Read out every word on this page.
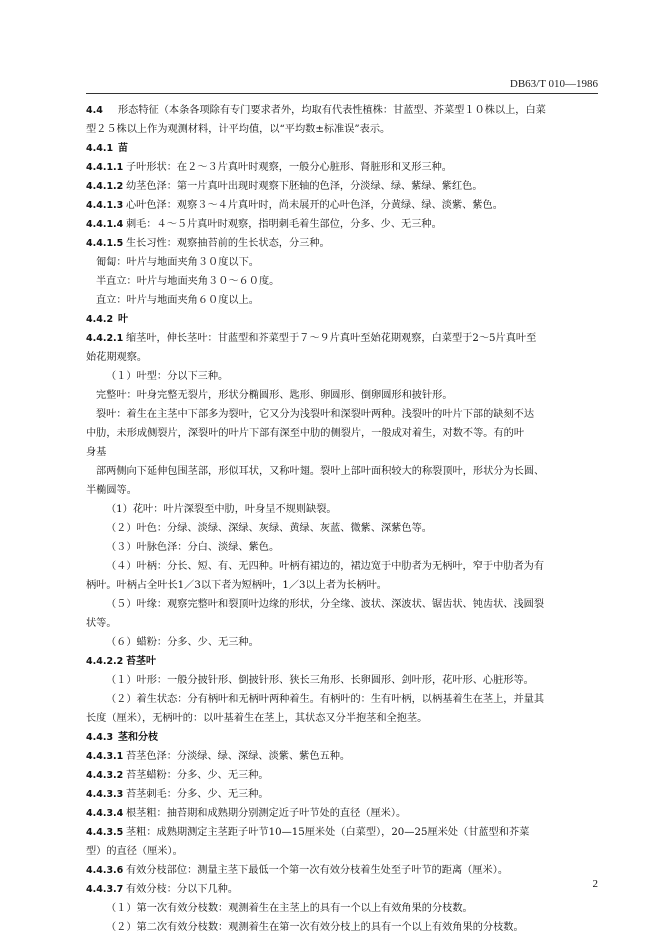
DB63/T 010—1986
4.4 形态特征（本条各项除有专门要求者外，均取有代表性植株：甘蓝型、芥菜型１０株以上，白菜
型２５株以上作为观测材料，计平均值，以“平均数±标准误”表示。
4.4.1 苗
4.4.1.1 子叶形状：在２～３片真叶时观察，一般分心脏形、肾脏形和叉形三种。
4.4.1.2 幼茎色泽：第一片真叶出现时观察下胚轴的色泽，分淡绿、绿、紫绿、紫红色。
4.4.1.3 心叶色泽：观察３～４片真叶时，尚未展开的心叶色泽，分黄绿、绿、淡紫、紫色。
4.4.1.4 刺毛：４～５片真叶时观察，指明刺毛着生部位，分多、少、无三种。
4.4.1.5 生长习性：观察抽苔前的生长状态，分三种。
匍匐：叶片与地面夹角３０度以下。
半直立：叶片与地面夹角３０～６０度。
直立：叶片与地面夹角６０度以上。
4.4.2 叶
4.4.2.1 缩茎叶，伸长茎叶：甘蓝型和芥菜型于７～９片真叶至始花期观察，白菜型于2～5片真叶至
始花期观察。
（１）叶型：分以下三种。
完整叶：叶身完整无裂片，形状分椭圆形、匙形、卵圆形、倒卵圆形和披针形。
裂叶：着生在主茎中下部多为裂叶，它又分为浅裂叶和深裂叶两种。浅裂叶的叶片下部的缺刻不达
中肋，未形成侧裂片，深裂叶的叶片下部有深至中肋的侧裂片，一般成对着生，对数不等。有的叶
身基
部两侧向下延伸包围茎部，形似耳状，又称叶翅。裂叶上部叶面积较大的称裂顶叶，形状分为长圆、
半椭圆等。
（1）花叶：叶片深裂至中肋，叶身呈不规则缺裂。
（２）叶色：分绿、淡绿、深绿、灰绿、黄绿、灰蓝、微紫、深紫色等。
（３）叶脉色泽：分白、淡绿、紫色。
（４）叶柄：分长、短、有、无四种。叶柄有裙边的，裙边宽于中肋者为无柄叶，窄于中肋者为有
柄叶。叶柄占全叶长1／3以下者为短柄叶，1／3以上者为长柄叶。
（５）叶缘：观察完整叶和裂顶叶边缘的形状，分全缘、波状、深波状、锯齿状、钝齿状、浅圆裂
状等。
（６）蜡粉：分多、少、无三种。
4.4.2.2 苔茎叶
（１）叶形：一般分披针形、倒披针形、狭长三角形、长卵圆形、剑叶形，花叶形、心脏形等。
（２）着生状态：分有柄叶和无柄叶两种着生。有柄叶的：生有叶柄，以柄基着生在茎上，并量其
长度（厘米），无柄叶的：以叶基着生在茎上，其状态又分半抱茎和全抱茎。
4.4.3 茎和分枝
4.4.3.1 苔茎色泽：分淡绿、绿、深绿、淡紫、紫色五种。
4.4.3.2 苔茎蜡粉：分多、少、无三种。
4.4.3.3 苔茎刺毛：分多、少、无三种。
4.4.3.4 根茎粗：抽苔期和成熟期分别测定近子叶节处的直径（厘米）。
4.4.3.5 茎粗：成熟期测定主茎距子叶节10—15厘米处（白菜型），20—25厘米处（甘蓝型和芥菜
型）的直径（厘米）。
4.4.3.6 有效分枝部位：测量主茎下最低一个第一次有效分枝着生处至子叶节的距离（厘米）。
4.4.3.7 有效分枝：分以下几种。
（１）第一次有效分枝数：观测着生在主茎上的具有一个以上有效角果的分枝数。
（２）第二次有效分枝数：观测着生在第一次有效分枝上的具有一个以上有效角果的分枝数。
2
